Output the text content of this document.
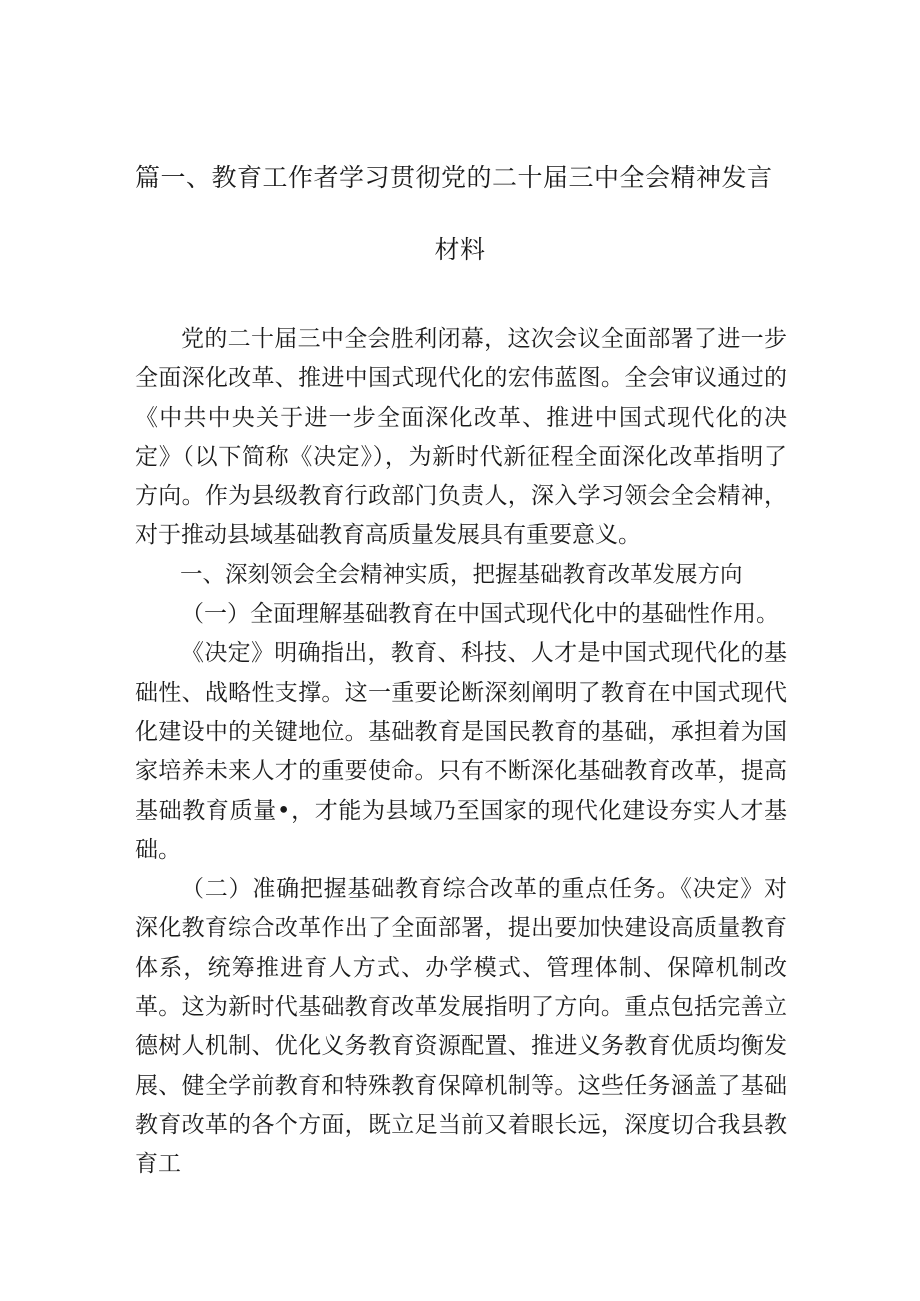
篇一、教育工作者学习贯彻党的二十届三中全会精神发言
材料

党的二十届三中全会胜利闭幕，这次会议全面部署了进一步全面深化改革、推进中国式现代化的宏伟蓝图。全会审议通过的《中共中央关于进一步全面深化改革、推进中国式现代化的决定》（以下简称《决定》），为新时代新征程全面深化改革指明了方向。作为县级教育行政部门负责人，深入学习领会全会精神，对于推动县域基础教育高质量发展具有重要意义。

一、深刻领会全会精神实质，把握基础教育改革发展方向

（一）全面理解基础教育在中国式现代化中的基础性作用。

《决定》明确指出，教育、科技、人才是中国式现代化的基础性、战略性支撑。这一重要论断深刻阐明了教育在中国式现代化建设中的关键地位。基础教育是国民教育的基础，承担着为国家培养未来人才的重要使命。只有不断深化基础教育改革，提高基础教育质量•，才能为县域乃至国家的现代化建设夯实人才基础。

（二）准确把握基础教育综合改革的重点任务。《决定》对深化教育综合改革作出了全面部署，提出要加快建设高质量教育体系，统筹推进育人方式、办学模式、管理体制、保障机制改革。这为新时代基础教育改革发展指明了方向。重点包括完善立德树人机制、优化义务教育资源配置、推进义务教育优质均衡发展、健全学前教育和特殊教育保障机制等。这些任务涵盖了基础教育改革的各个方面，既立足当前又着眼长远，深度切合我县教育工
